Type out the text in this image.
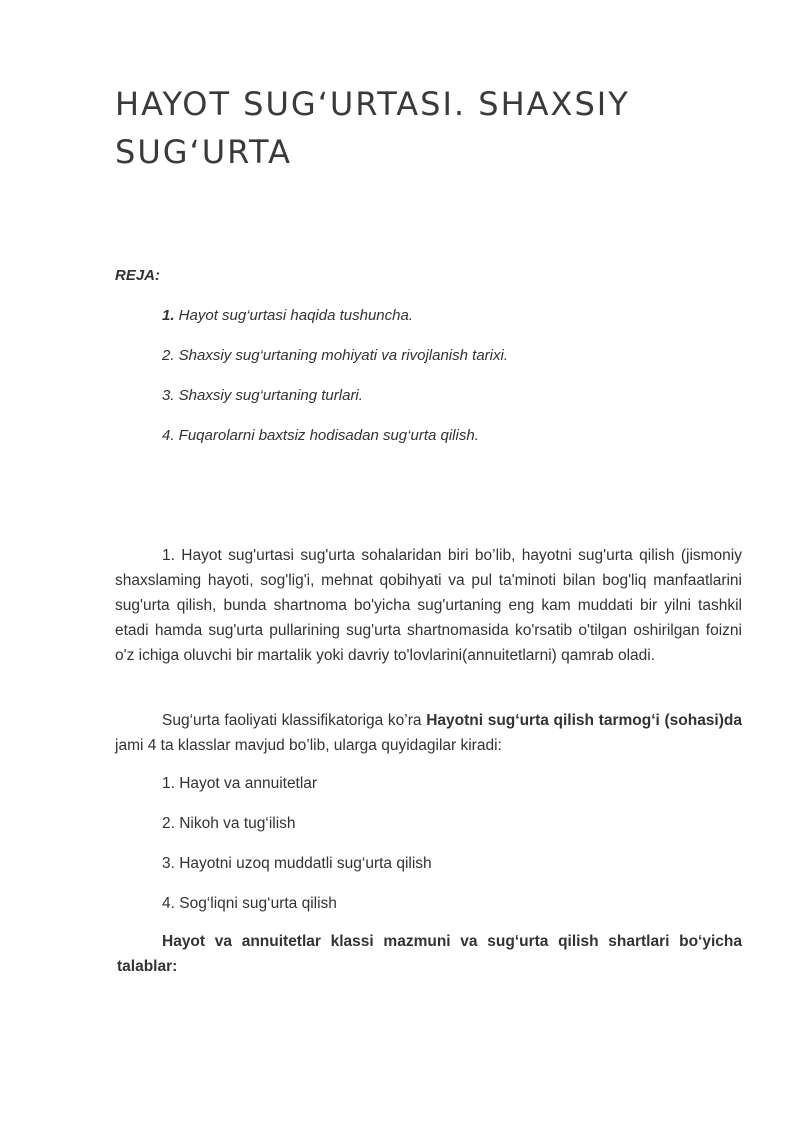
HAYOT SUG‘URTASI. SHAXSIY SUG‘URTA

REJA:

1. Hayot sug‘urtasi haqida tushuncha.
2. Shaxsiy sug‘urtaning mohiyati va rivojlanish tarixi.
3. Shaxsiy sug‘urtaning turlari.
4. Fuqarolarni baxtsiz hodisadan sug‘urta qilish.

1. Hayot sug'urtasi sug'urta sohalaridan biri bo’lib, hayotni sug'urta qilish (jismoniy shaxslaming hayoti, sog'lig'i, mehnat qobihyati va pul ta'minoti bilan bog'liq manfaatlarini sug'urta qilish, bunda shartnoma bo'yicha sug'urtaning eng kam muddati bir yilni tashkil etadi hamda sug'urta pullarining sug'urta shartnomasida ko'rsatib o'tilgan oshirilgan foizni o'z ichiga oluvchi bir martalik yoki davriy to'lovlarini(annuitetlarni) qamrab oladi.

Sug‘urta faoliyati klassifikatoriga ko’ra Hayotni sug‘urta qilish tarmog‘i (sohasi)da jami 4 ta klasslar mavjud bo’lib, ularga quyidagilar kiradi:

1. Hayot va annuitetlar
2. Nikoh va tug‘ilish
3. Hayotni uzoq muddatli sug‘urta qilish
4. Sog‘liqni sug‘urta qilish

Hayot va annuitetlar klassi mazmuni va sug‘urta qilish shartlari bo‘yicha talablar:
